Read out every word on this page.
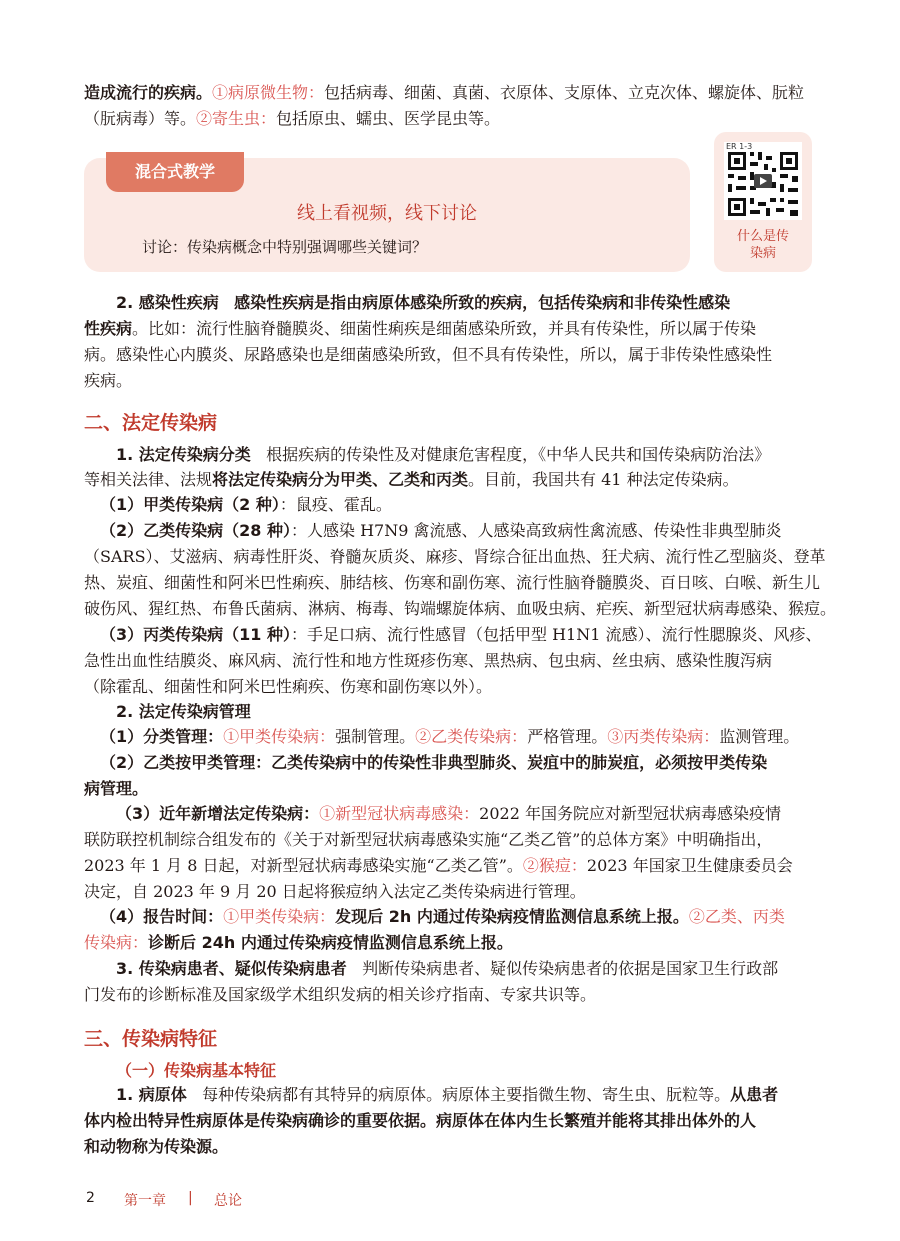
造成流行的疾病。①病原微生物：包括病毒、细菌、真菌、衣原体、支原体、立克次体、螺旋体、朊粒
（朊病毒）等。②寄生虫：包括原虫、蠕虫、医学昆虫等。
混合式教学
线上看视频，线下讨论
讨论：传染病概念中特别强调哪些关键词？
ER 1-3
什么是传
染病
2. 感染性疾病 感染性疾病是指由病原体感染所致的疾病，包括传染病和非传染性感染
性疾病。比如：流行性脑脊髓膜炎、细菌性痢疾是细菌感染所致，并具有传染性，所以属于传染
病。感染性心内膜炎、尿路感染也是细菌感染所致，但不具有传染性，所以，属于非传染性感染性
疾病。
二、法定传染病
1. 法定传染病分类 根据疾病的传染性及对健康危害程度，《中华人民共和国传染病防治法》
等相关法律、法规将法定传染病分为甲类、乙类和丙类。目前，我国共有 41 种法定传染病。
（1）甲类传染病（2 种）：鼠疫、霍乱。
（2）乙类传染病（28 种）：人感染 H7N9 禽流感、人感染高致病性禽流感、传染性非典型肺炎
（SARS）、艾滋病、病毒性肝炎、脊髓灰质炎、麻疹、肾综合征出血热、狂犬病、流行性乙型脑炎、登革
热、炭疽、细菌性和阿米巴性痢疾、肺结核、伤寒和副伤寒、流行性脑脊髓膜炎、百日咳、白喉、新生儿
破伤风、猩红热、布鲁氏菌病、淋病、梅毒、钩端螺旋体病、血吸虫病、疟疾、新型冠状病毒感染、猴痘。
（3）丙类传染病（11 种）：手足口病、流行性感冒（包括甲型 H1N1 流感）、流行性腮腺炎、风疹、
急性出血性结膜炎、麻风病、流行性和地方性斑疹伤寒、黑热病、包虫病、丝虫病、感染性腹泻病
（除霍乱、细菌性和阿米巴性痢疾、伤寒和副伤寒以外）。
2. 法定传染病管理
（1）分类管理：①甲类传染病：强制管理。②乙类传染病：严格管理。③丙类传染病：监测管理。
（2）乙类按甲类管理：乙类传染病中的传染性非典型肺炎、炭疽中的肺炭疽，必须按甲类传染
病管理。
（3）近年新增法定传染病：①新型冠状病毒感染：2022 年国务院应对新型冠状病毒感染疫情
联防联控机制综合组发布的《关于对新型冠状病毒感染实施“乙类乙管”的总体方案》中明确指出，
2023 年 1 月 8 日起，对新型冠状病毒感染实施“乙类乙管”。②猴痘：2023 年国家卫生健康委员会
决定，自 2023 年 9 月 20 日起将猴痘纳入法定乙类传染病进行管理。
（4）报告时间：①甲类传染病：发现后 2h 内通过传染病疫情监测信息系统上报。②乙类、丙类
传染病：诊断后 24h 内通过传染病疫情监测信息系统上报。
3. 传染病患者、疑似传染病患者 判断传染病患者、疑似传染病患者的依据是国家卫生行政部
门发布的诊断标准及国家级学术组织发病的相关诊疗指南、专家共识等。
三、传染病特征
（一）传染病基本特征
1. 病原体 每种传染病都有其特异的病原体。病原体主要指微生物、寄生虫、朊粒等。从患者
体内检出特异性病原体是传染病确诊的重要依据。病原体在体内生长繁殖并能将其排出体外的人
和动物称为传染源。
2 第一章 | 总论
